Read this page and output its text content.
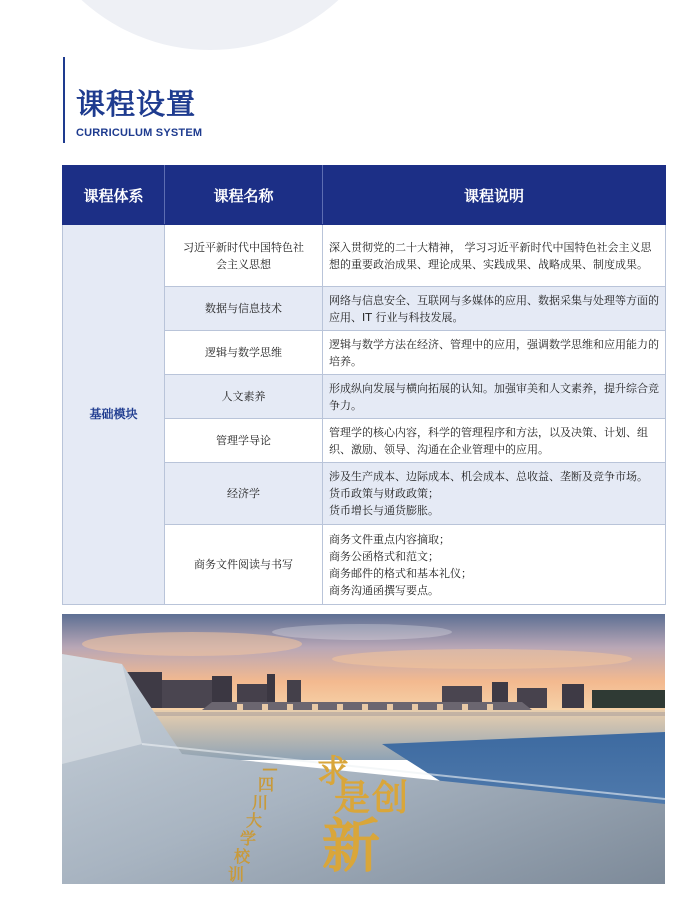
课程设置
CURRICULUM SYSTEM
课程体系	课程名称	课程说明
基础模块	习近平新时代中国特色社会主义思想	深入贯彻党的二十大精神， 学习习近平新时代中国特色社会主义思想的重要政治成果、理论成果、实践成果、战略成果、制度成果。
	数据与信息技术	网络与信息安全、互联网与多媒体的应用、数据采集与处理等方面的应用、IT 行业与科技发展。
	逻辑与数学思维	逻辑与数学方法在经济、管理中的应用，强调数学思维和应用能力的培养。
	人文素养	形成纵向发展与横向拓展的认知。加强审美和人文素养，提升综合竞争力。
	管理学导论	管理学的核心内容，科学的管理程序和方法，以及决策、计划、组织、激励、领导、沟通在企业管理中的应用。
	经济学	涉及生产成本、边际成本、机会成本、总收益、垄断及竞争市场。
货币政策与财政政策；
货币增长与通货膨胀。

	商务文件阅读与书写	商务文件重点内容摘取；
商务公函格式和范文；
商务邮件的格式和基本礼仪；
商务沟通函撰写要点。
求
是 创
新
—
四
川
大
学
校
训
